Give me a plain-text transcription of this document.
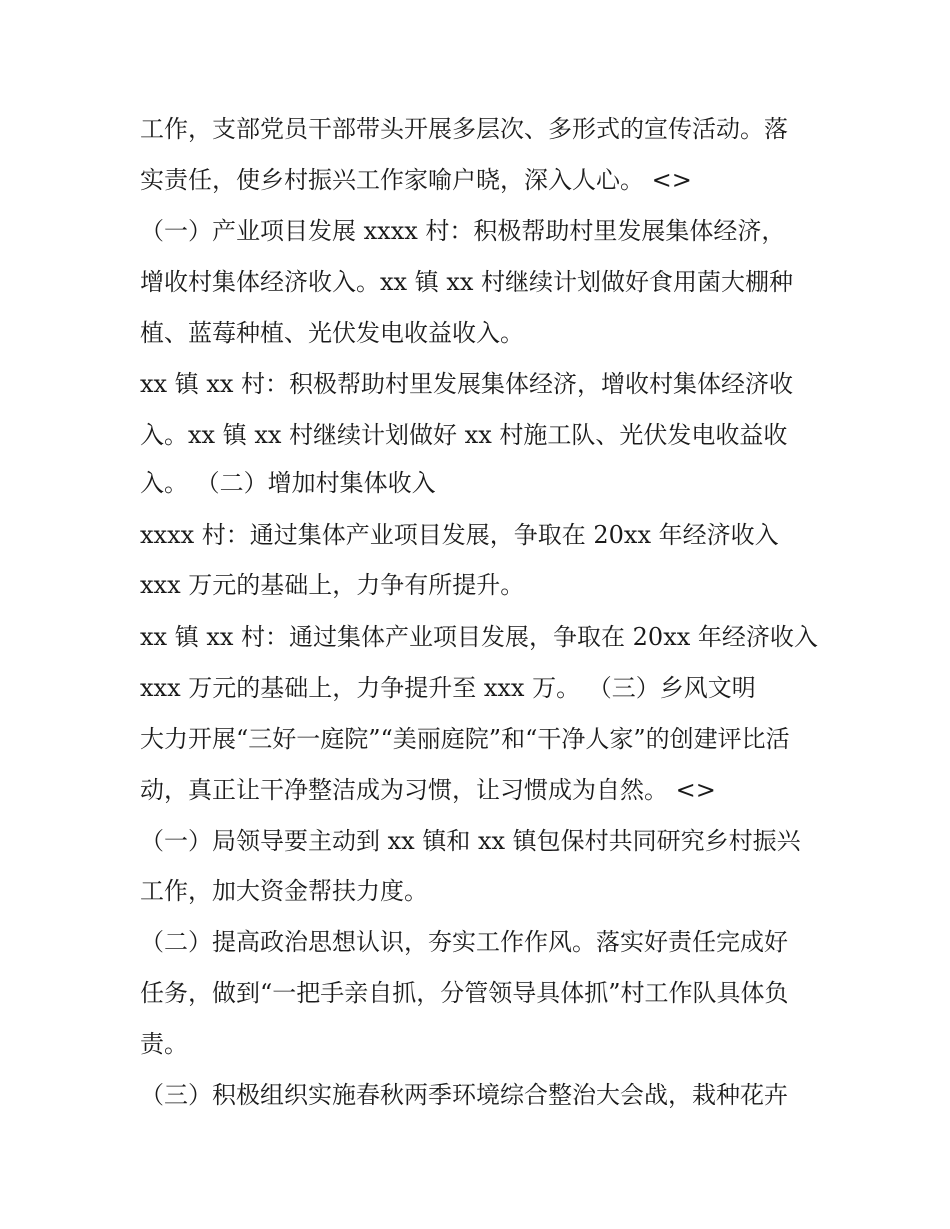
工作，支部党员干部带头开展多层次、多形式的宣传活动。落
实责任，使乡村振兴工作家喻户晓，深入人心。 <>
（一）产业项目发展 xxxx 村：积极帮助村里发展集体经济，
增收村集体经济收入。xx 镇 xx 村继续计划做好食用菌大棚种
植、蓝莓种植、光伏发电收益收入。
xx 镇 xx 村：积极帮助村里发展集体经济，增收村集体经济收
入。xx 镇 xx 村继续计划做好 xx 村施工队、光伏发电收益收
入。 （二）增加村集体收入
xxxx 村：通过集体产业项目发展，争取在 20xx 年经济收入
xxx 万元的基础上，力争有所提升。
xx 镇 xx 村：通过集体产业项目发展，争取在 20xx 年经济收入
xxx 万元的基础上，力争提升至 xxx 万。 （三）乡风文明
大力开展“三好一庭院”“美丽庭院”和“干净人家”的创建评比活
动，真正让干净整洁成为习惯，让习惯成为自然。 <>
（一）局领导要主动到 xx 镇和 xx 镇包保村共同研究乡村振兴
工作，加大资金帮扶力度。
（二）提高政治思想认识，夯实工作作风。落实好责任完成好
任务，做到“一把手亲自抓，分管领导具体抓”村工作队具体负
责。
（三）积极组织实施春秋两季环境综合整治大会战，栽种花卉
